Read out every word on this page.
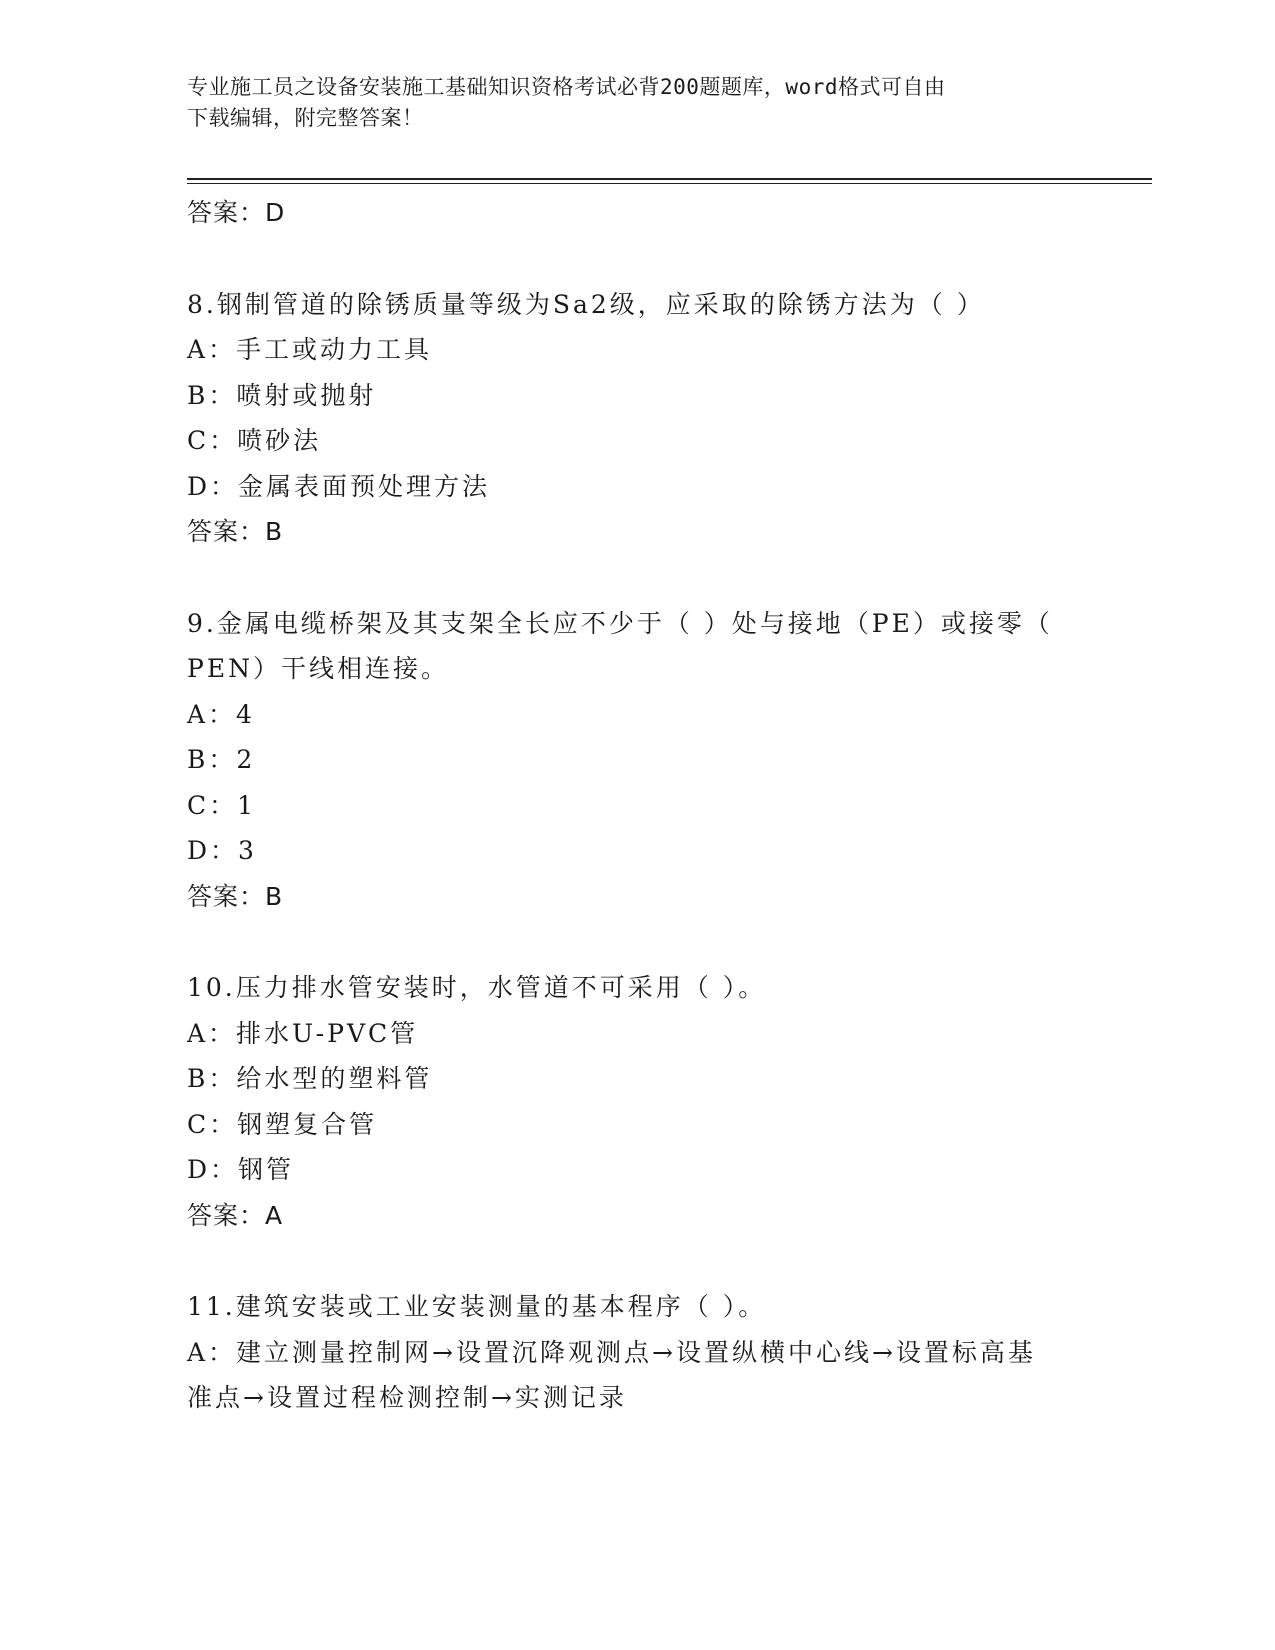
专业施工员之设备安装施工基础知识资格考试必背200题题库，word格式可自由
下载编辑，附完整答案！
答案：D
8.钢制管道的除锈质量等级为Sa2级，应采取的除锈方法为（ ）
A：手工或动力工具
B：喷射或抛射
C：喷砂法
D：金属表面预处理方法
答案：B
9.金属电缆桥架及其支架全长应不少于（ ）处与接地（PE）或接零（
PEN）干线相连接。
A：4
B：2
C：1
D：3
答案：B
10.压力排水管安装时，水管道不可采用（ ）。
A：排水U-PVC管
B：给水型的塑料管
C：钢塑复合管
D：钢管
答案：A
11.建筑安装或工业安装测量的基本程序（ ）。
A：建立测量控制网→设置沉降观测点→设置纵横中心线→设置标高基
准点→设置过程检测控制→实测记录
